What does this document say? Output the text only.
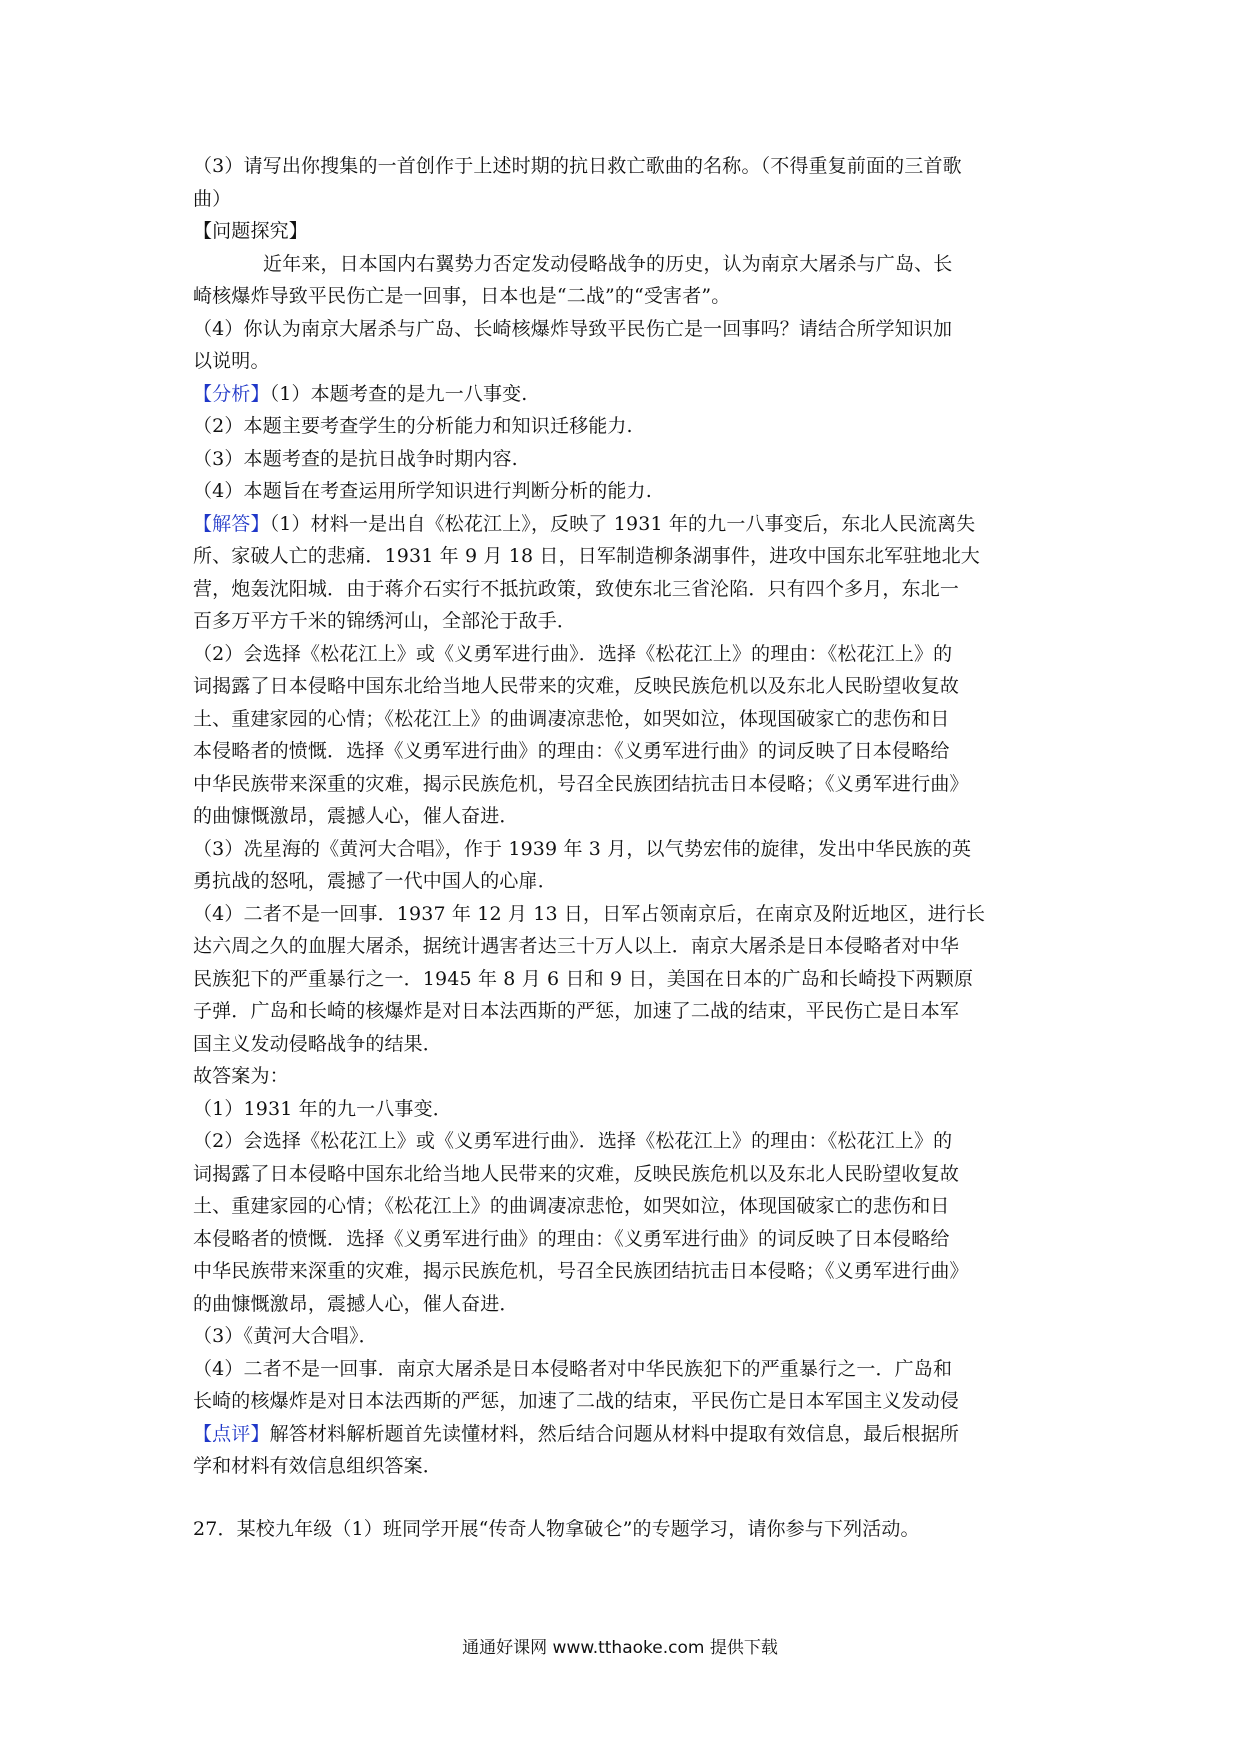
（3）请写出你搜集的一首创作于上述时期的抗日救亡歌曲的名称。（不得重复前面的三首歌

曲）

【问题探究】

近年来，日本国内右翼势力否定发动侵略战争的历史，认为南京大屠杀与广岛、长

崎核爆炸导致平民伤亡是一回事，日本也是“二战”的“受害者”。

（4）你认为南京大屠杀与广岛、长崎核爆炸导致平民伤亡是一回事吗？请结合所学知识加

以说明。

【分析】（1）本题考查的是九一八事变.

（2）本题主要考查学生的分析能力和知识迁移能力.

（3）本题考查的是抗日战争时期内容.

（4）本题旨在考查运用所学知识进行判断分析的能力.

【解答】（1）材料一是出自《松花江上》，反映了 1931 年的九一八事变后，东北人民流离失

所、家破人亡的悲痛．1931 年 9 月 18 日，日军制造柳条湖事件，进攻中国东北军驻地北大

营，炮轰沈阳城．由于蒋介石实行不抵抗政策，致使东北三省沦陷．只有四个多月，东北一

百多万平方千米的锦绣河山，全部沦于敌手．

（2）会选择《松花江上》或《义勇军进行曲》．选择《松花江上》的理由：《松花江上》的

词揭露了日本侵略中国东北给当地人民带来的灾难，反映民族危机以及东北人民盼望收复故

土、重建家园的心情；《松花江上》的曲调凄凉悲怆，如哭如泣，体现国破家亡的悲伤和日

本侵略者的愤慨．选择《义勇军进行曲》的理由：《义勇军进行曲》的词反映了日本侵略给

中华民族带来深重的灾难，揭示民族危机，号召全民族团结抗击日本侵略；《义勇军进行曲》

的曲慷慨激昂，震撼人心，催人奋进．

（3）冼星海的《黄河大合唱》，作于 1939 年 3 月，以气势宏伟的旋律，发出中华民族的英

勇抗战的怒吼，震撼了一代中国人的心扉．

（4）二者不是一回事．1937 年 12 月 13 日，日军占领南京后，在南京及附近地区，进行长

达六周之久的血腥大屠杀，据统计遇害者达三十万人以上．南京大屠杀是日本侵略者对中华

民族犯下的严重暴行之一．1945 年 8 月 6 日和 9 日，美国在日本的广岛和长崎投下两颗原

子弹．广岛和长崎的核爆炸是对日本法西斯的严惩，加速了二战的结束，平民伤亡是日本军

国主义发动侵略战争的结果．

故答案为：

（1）1931 年的九一八事变．

（2）会选择《松花江上》或《义勇军进行曲》．选择《松花江上》的理由：《松花江上》的

词揭露了日本侵略中国东北给当地人民带来的灾难，反映民族危机以及东北人民盼望收复故

土、重建家园的心情；《松花江上》的曲调凄凉悲怆，如哭如泣，体现国破家亡的悲伤和日

本侵略者的愤慨．选择《义勇军进行曲》的理由：《义勇军进行曲》的词反映了日本侵略给

中华民族带来深重的灾难，揭示民族危机，号召全民族团结抗击日本侵略；《义勇军进行曲》

的曲慷慨激昂，震撼人心，催人奋进．

（3）《黄河大合唱》．

（4）二者不是一回事．南京大屠杀是日本侵略者对中华民族犯下的严重暴行之一．广岛和

长崎的核爆炸是对日本法西斯的严惩，加速了二战的结束，平民伤亡是日本军国主义发动侵

【点评】解答材料解析题首先读懂材料，然后结合问题从材料中提取有效信息，最后根据所

学和材料有效信息组织答案．

27．某校九年级（1）班同学开展“传奇人物拿破仑”的专题学习，请你参与下列活动。

通通好课网 www.tthaoke.com 提供下载
